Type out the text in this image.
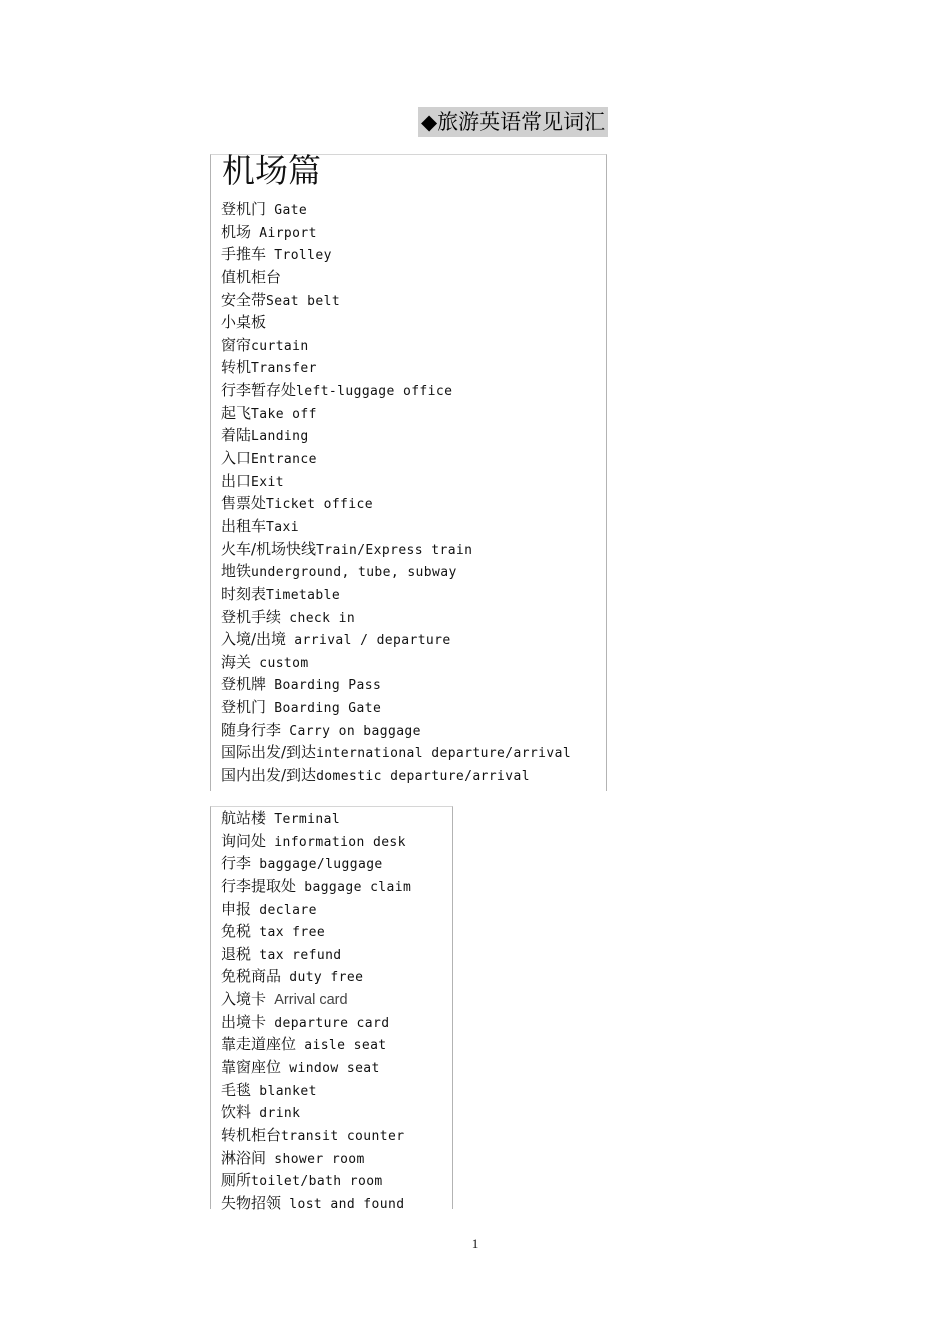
◆旅游英语常见词汇
机场篇
登机门 Gate
机场 Airport
手推车 Trolley
值机柜台
安全带Seat belt
小桌板
窗帘curtain
转机Transfer
行李暂存处left-luggage office
起飞Take off
着陆Landing
入口Entrance
出口Exit
售票处Ticket office
出租车Taxi
火车/机场快线Train/Express train
地铁underground, tube, subway
时刻表Timetable
登机手续 check in
入境/出境 arrival / departure
海关 custom
登机牌 Boarding Pass
登机门 Boarding Gate
随身行李 Carry on baggage
国际出发/到达international departure/arrival
国内出发/到达domestic departure/arrival
航站楼 Terminal
询问处 information desk
行李 baggage/luggage
行李提取处 baggage claim
申报 declare
免税 tax free
退税 tax refund
免税商品 duty free
入境卡 Arrival card
出境卡 departure card
靠走道座位 aisle seat
靠窗座位 window seat
毛毯 blanket
饮料 drink
转机柜台transit counter
淋浴间 shower room
厕所toilet/bath room
失物招领 lost and found
1
